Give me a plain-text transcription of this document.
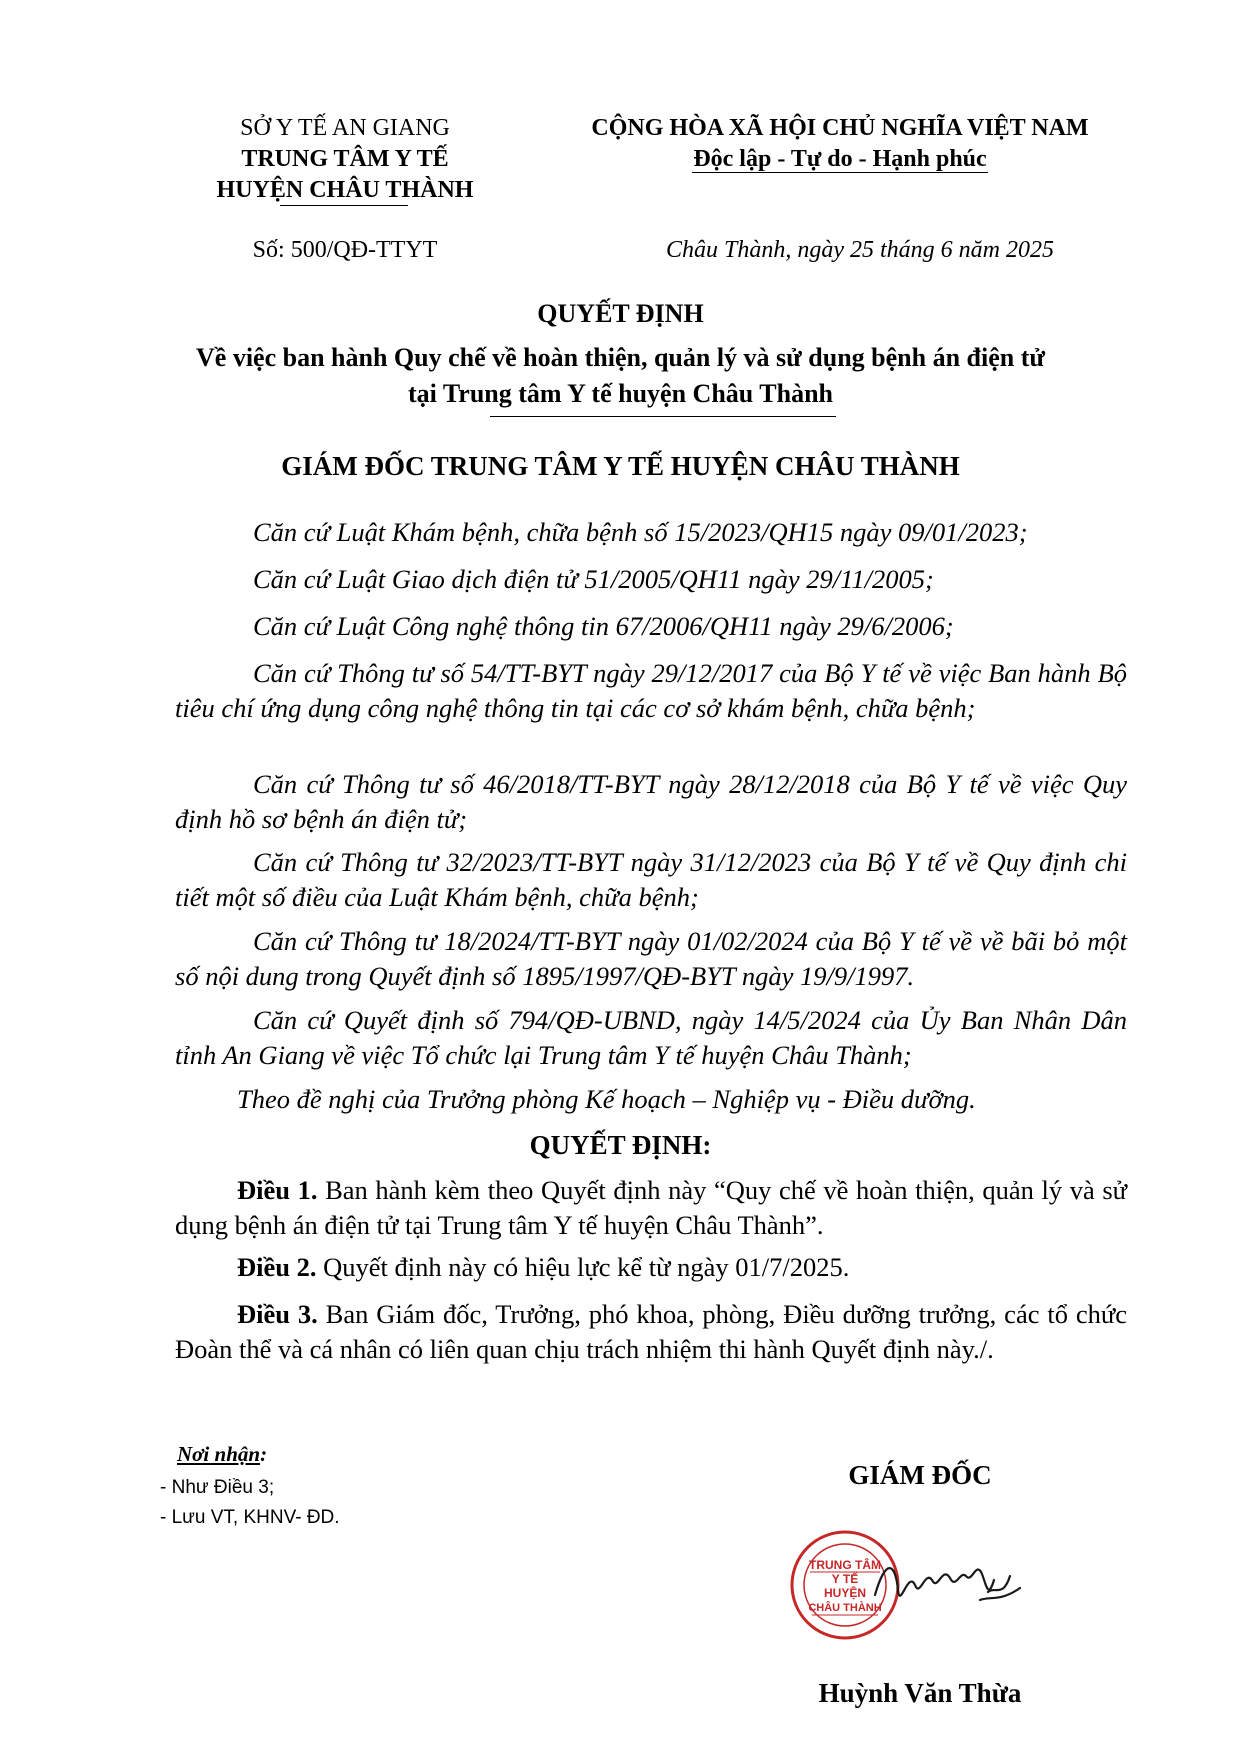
SỞ Y TẾ AN GIANG
TRUNG TÂM Y TẾ
HUYỆN CHÂU THÀNH
CỘNG HÒA XÃ HỘI CHỦ NGHĨA VIỆT NAM
Độc lập - Tự do - Hạnh phúc
Số: 500/QĐ-TTYT	Châu Thành, ngày 25 tháng 6 năm 2025
QUYẾT ĐỊNH
Về việc ban hành Quy chế về hoàn thiện, quản lý và sử dụng bệnh án điện tử
tại Trung tâm Y tế huyện Châu Thành
GIÁM ĐỐC TRUNG TÂM Y TẾ HUYỆN CHÂU THÀNH

Căn cứ Luật Khám bệnh, chữa bệnh số 15/2023/QH15 ngày 09/01/2023;

Căn cứ Luật Giao dịch điện tử 51/2005/QH11 ngày 29/11/2005;

Căn cứ Luật Công nghệ thông tin 67/2006/QH11 ngày 29/6/2006;

Căn cứ Thông tư số 54/TT-BYT ngày 29/12/2017 của Bộ Y tế về việc Ban hành Bộ tiêu chí ứng dụng công nghệ thông tin tại các cơ sở khám bệnh, chữa bệnh;

Căn cứ Thông tư số 46/2018/TT-BYT ngày 28/12/2018 của Bộ Y tế về việc Quy định hồ sơ bệnh án điện tử;

Căn cứ Thông tư 32/2023/TT-BYT ngày 31/12/2023 của Bộ Y tế về Quy định chi tiết một số điều của Luật Khám bệnh, chữa bệnh;

Căn cứ Thông tư 18/2024/TT-BYT ngày 01/02/2024 của Bộ Y tế về về bãi bỏ một số nội dung trong Quyết định số 1895/1997/QĐ-BYT ngày 19/9/1997.

Căn cứ Quyết định số 794/QĐ-UBND, ngày 14/5/2024 của Ủy Ban Nhân Dân tỉnh An Giang về việc Tổ chức lại Trung tâm Y tế huyện Châu Thành;

Theo đề nghị của Trưởng phòng Kế hoạch – Nghiệp vụ - Điều dưỡng.

QUYẾT ĐỊNH:

Điều 1. Ban hành kèm theo Quyết định này “Quy chế về hoàn thiện, quản lý và sử dụng bệnh án điện tử tại Trung tâm Y tế huyện Châu Thành”.

Điều 2. Quyết định này có hiệu lực kể từ ngày 01/7/2025.

Điều 3. Ban Giám đốc, Trưởng, phó khoa, phòng, Điều dưỡng trưởng, các tổ chức Đoàn thể và cá nhân có liên quan chịu trách nhiệm thi hành Quyết định này./.

Nơi nhận:
- Như Điều 3;
- Lưu VT, KHNV- ĐD.
GIÁM ĐỐC
TRUNG TÂM
Y TẾ
HUYỆN
CHÂU THÀNH
Huỳnh Văn Thừa
